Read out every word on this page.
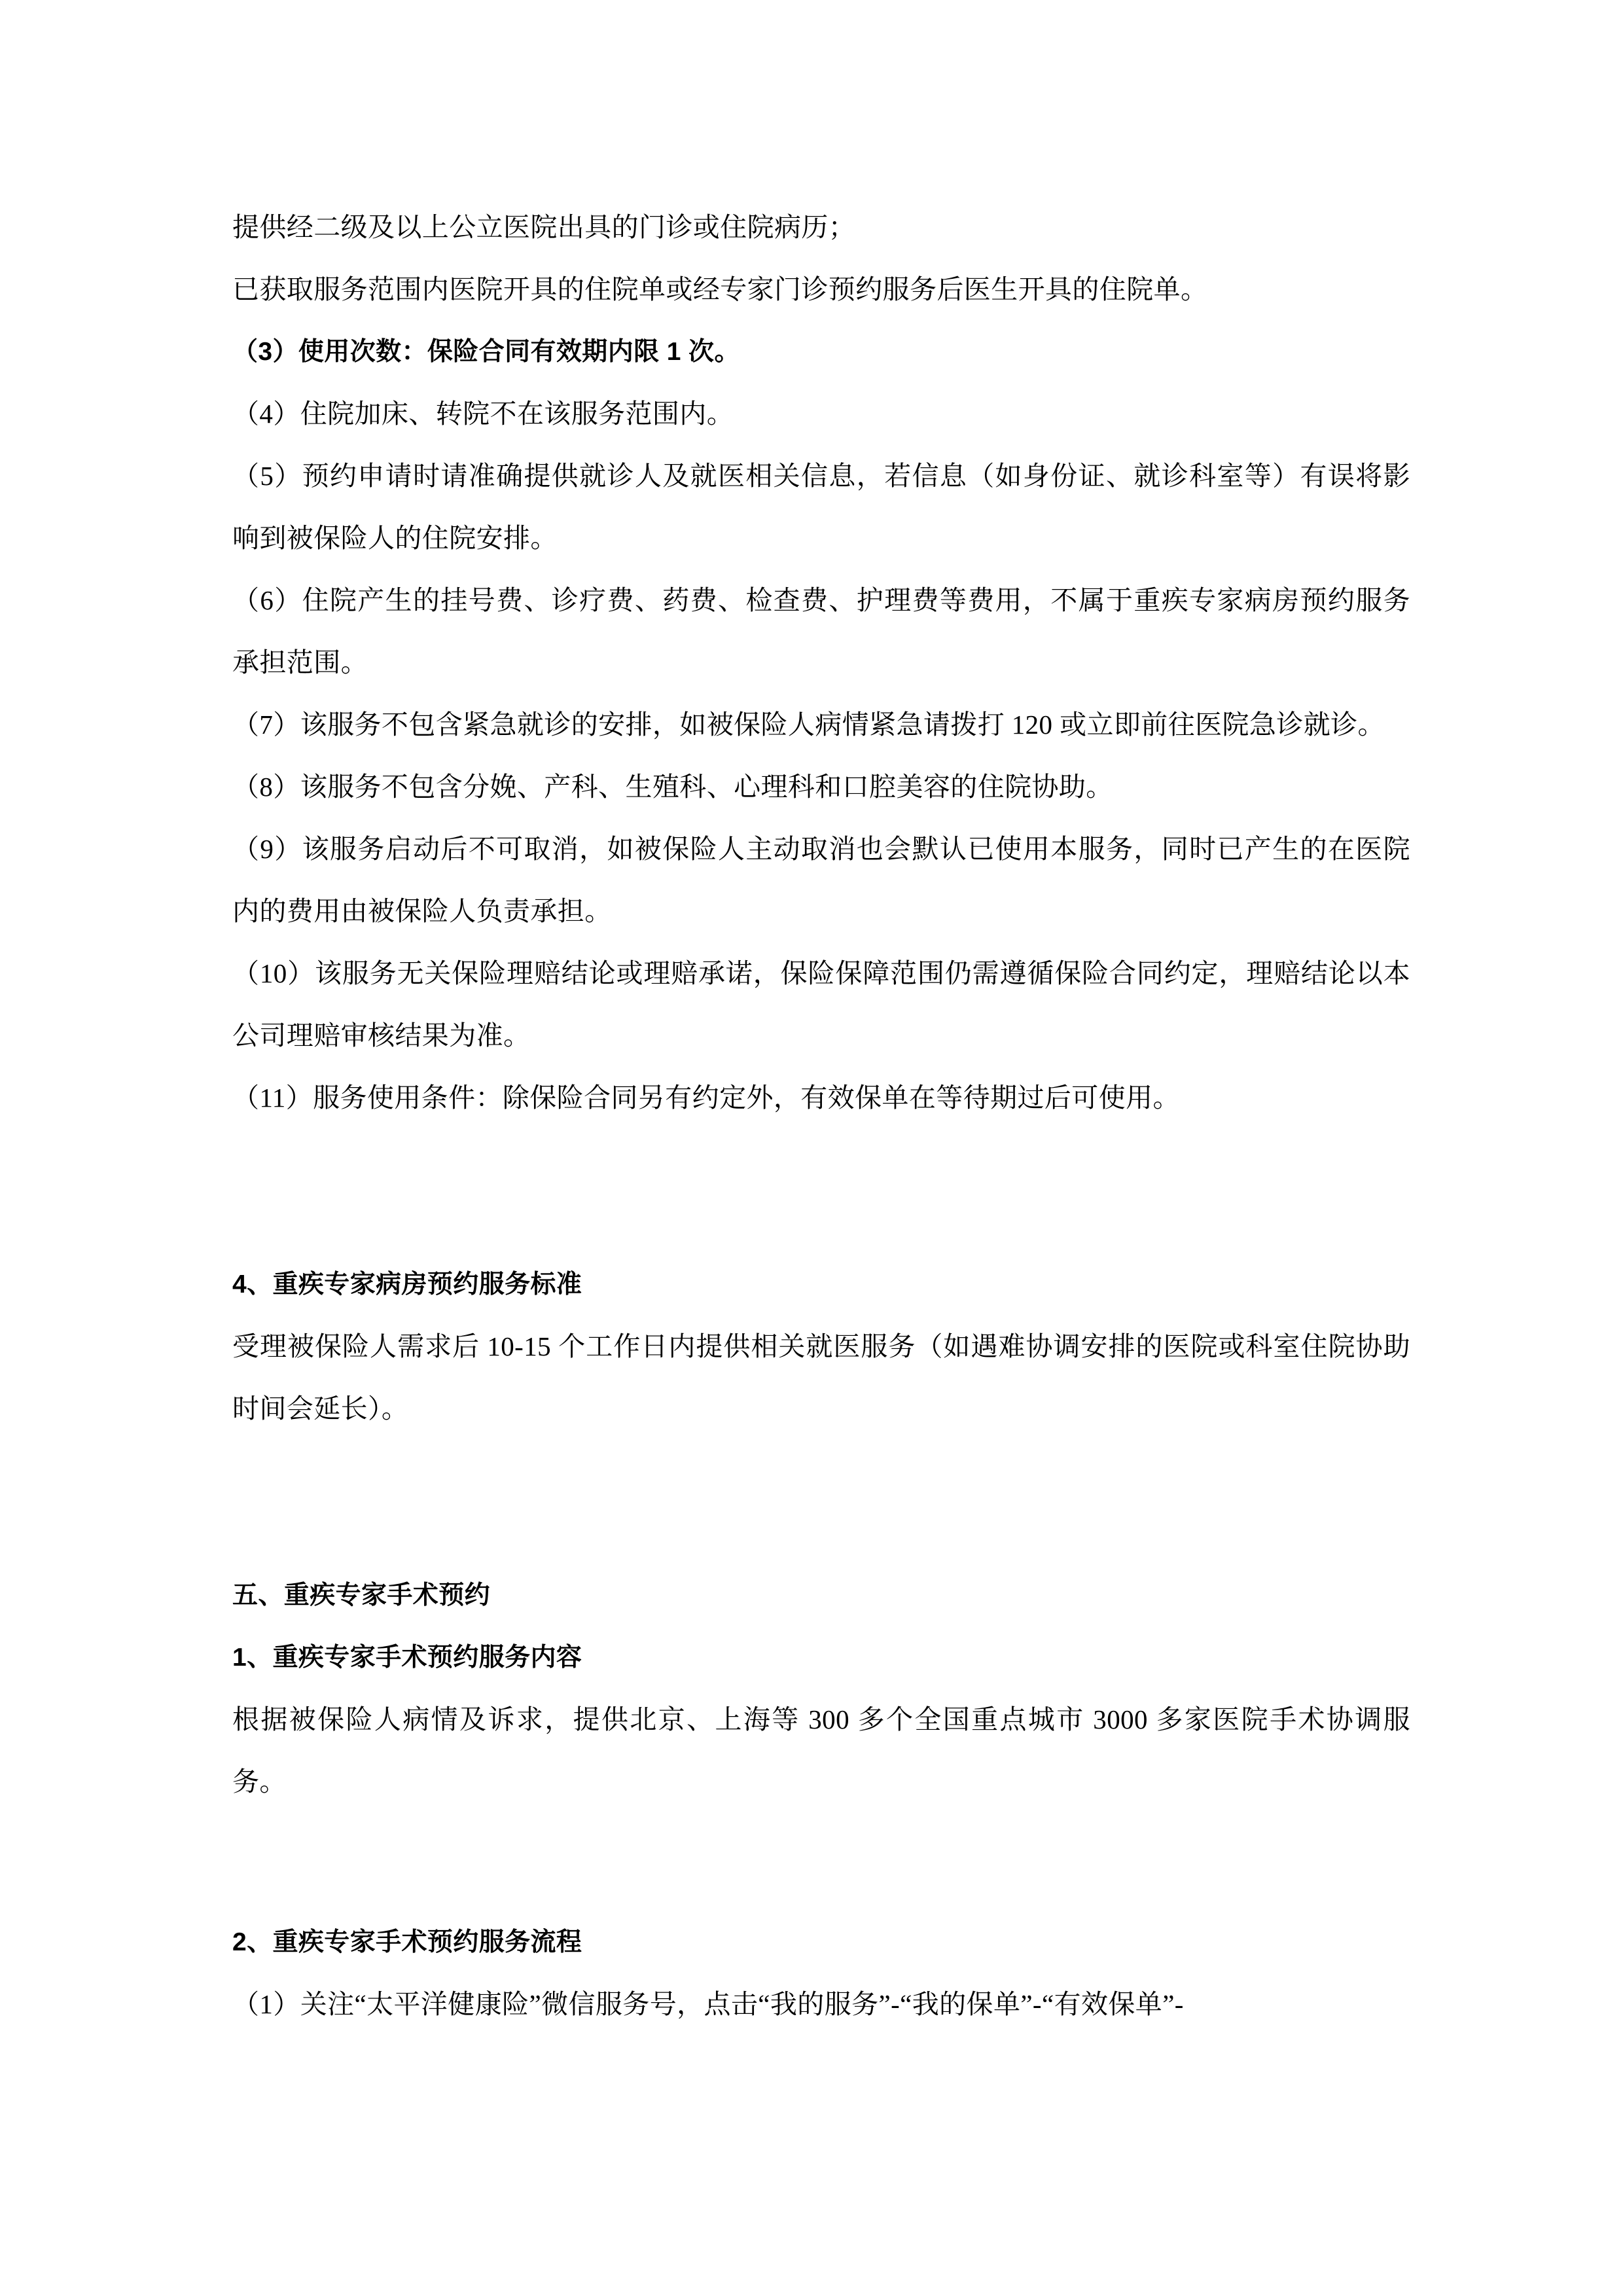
提供经二级及以上公立医院出具的门诊或住院病历；

已获取服务范围内医院开具的住院单或经专家门诊预约服务后医生开具的住院单。

（3）使用次数：保险合同有效期内限 1 次。

（4）住院加床、转院不在该服务范围内。

（5）预约申请时请准确提供就诊人及就医相关信息，若信息（如身份证、就诊科室等）有误将影响到被保险人的住院安排。

（6）住院产生的挂号费、诊疗费、药费、检查费、护理费等费用，不属于重疾专家病房预约服务承担范围。

（7）该服务不包含紧急就诊的安排，如被保险人病情紧急请拨打 120 或立即前往医院急诊就诊。

（8）该服务不包含分娩、产科、生殖科、心理科和口腔美容的住院协助。

（9）该服务启动后不可取消，如被保险人主动取消也会默认已使用本服务，同时已产生的在医院内的费用由被保险人负责承担。

（10）该服务无关保险理赔结论或理赔承诺，保险保障范围仍需遵循保险合同约定，理赔结论以本公司理赔审核结果为准。

（11）服务使用条件：除保险合同另有约定外，有效保单在等待期过后可使用。

4、重疾专家病房预约服务标准

受理被保险人需求后 10-15 个工作日内提供相关就医服务（如遇难协调安排的医院或科室住院协助时间会延长）。

五、重疾专家手术预约

1、重疾专家手术预约服务内容

根据被保险人病情及诉求，提供北京、上海等 300 多个全国重点城市 3000 多家医院手术协调服务。

2、重疾专家手术预约服务流程

（1）关注“太平洋健康险”微信服务号，点击“我的服务”-“我的保单”-“有效保单”-
